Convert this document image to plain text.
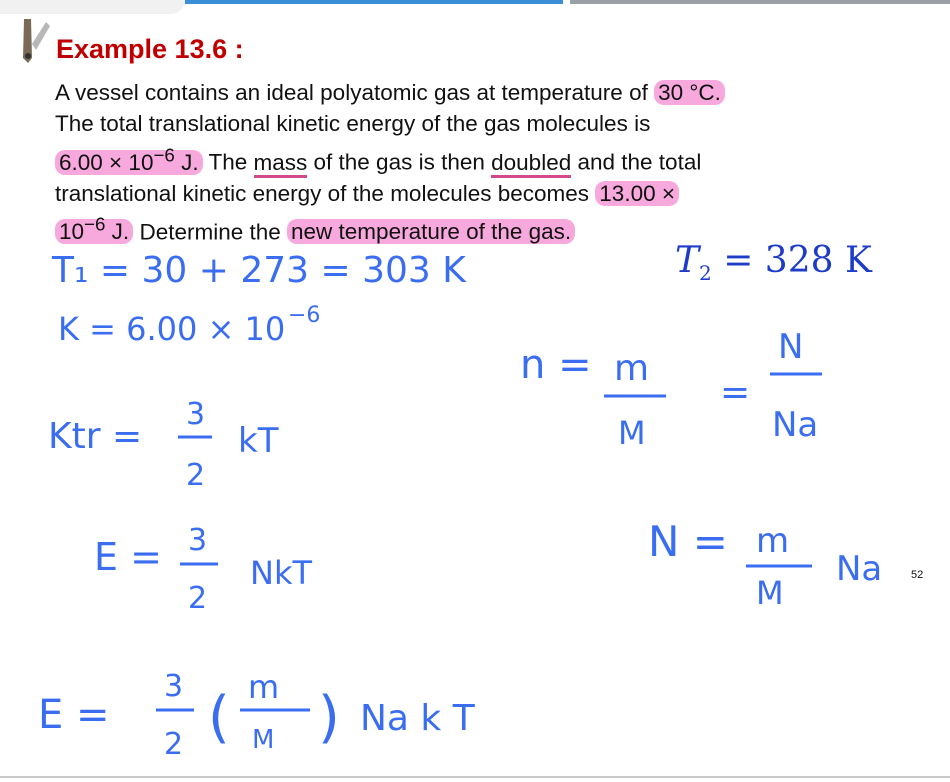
Example 13.6 :
A vessel contains an ideal polyatomic gas at temperature of 30 °C.
The total translational kinetic energy of the gas molecules is
$6.00 \times 10^{-6}$ J. The mass of the gas is then doubled and the total
translational kinetic energy of the molecules becomes 13.00 ×
$10^{-6}$ J. Determine the new temperature of the gas.
$T_2 = 328$ K
T₁ = 30 + 273 = 303 K
K = 6.00 × 10 −6
Ktr =
3
2
kT
E = 3
2
NkT
E =
3
2 ( m
M ) Na k T
n = m
M
=
N
Na
N = m
M
Na	52
